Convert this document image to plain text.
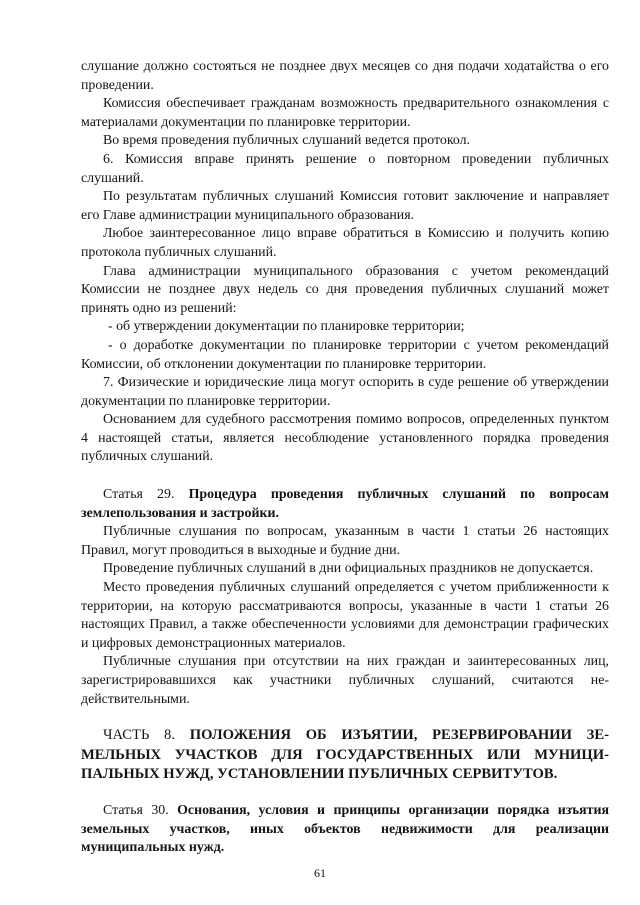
слушание должно состояться не позднее двух месяцев со дня подачи ходатайства о его проведении.

Комиссия обеспечивает гражданам возможность предварительного ознакомления с материалами документации по планировке территории.

Во время проведения публичных слушаний ведется протокол.

6. Комиссия вправе принять решение о повторном проведении публичных слушаний.

По результатам публичных слушаний Комиссия готовит заключение и направляет его Главе администрации муниципального образования.

Любое заинтересованное лицо вправе обратиться в Комиссию и получить копию протокола публичных слушаний.

Глава администрации муниципального образования с учетом рекомендаций Комиссии не позднее двух недель со дня проведения публичных слушаний может принять одно из решений:

- об утверждении документации по планировке территории;

- о доработке документации по планировке территории с учетом рекомендаций Комиссии, об отклонении документации по планировке территории.

7. Физические и юридические лица могут оспорить в суде решение об утверждении документации по планировке территории.

Основанием для судебного рассмотрения помимо вопросов, определенных пунктом 4 настоящей статьи, является несоблюдение установленного порядка проведения публичных слушаний.

Статья 29. Процедура проведения публичных слушаний по вопросам землепользования и застройки.

Публичные слушания по вопросам, указанным в части 1 статьи 26 настоящих Правил, могут проводиться в выходные и будние дни.

Проведение публичных слушаний в дни официальных праздников не допускается.

Место проведения публичных слушаний определяется с учетом приближенности к территории, на которую рассматриваются вопросы, указанные в части 1 статьи 26 настоящих Правил, а также обеспеченности условиями для демонстрации графических и цифровых демонстрационных материалов.

Публичные слушания при отсутствии на них граждан и заинтересованных лиц, зарегистрировавшихся как участники публичных слушаний, считаются недействительными.

ЧАСТЬ 8. ПОЛОЖЕНИЯ ОБ ИЗЪЯТИИ, РЕЗЕРВИРОВАНИИ ЗЕМЕЛЬНЫХ УЧАСТКОВ ДЛЯ ГОСУДАРСТВЕННЫХ ИЛИ МУНИЦИПАЛЬНЫХ НУЖД, УСТАНОВЛЕНИИ ПУБЛИЧНЫХ СЕРВИТУТОВ.

Статья 30. Основания, условия и принципы организации порядка изъятия земельных участков, иных объектов недвижимости для реализации муниципальных нужд.

61
